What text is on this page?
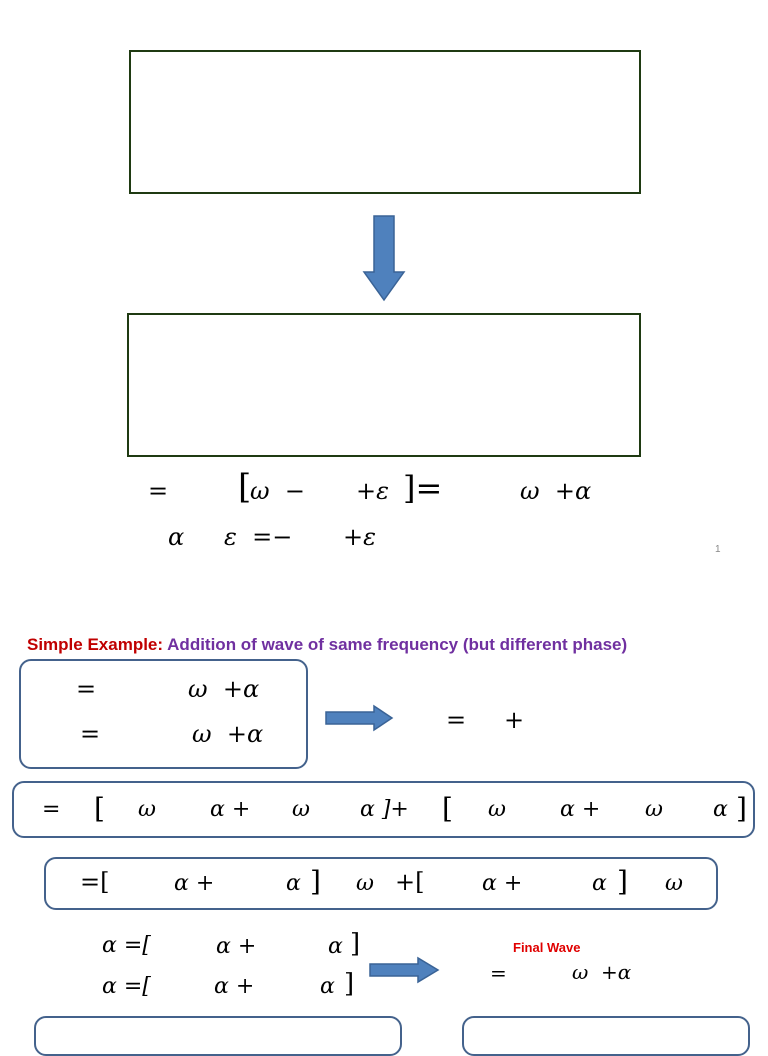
= [
ω  − +ε ]=	ω  +α
α ε  =− +ε	1
Simple Example: Addition of wave of same frequency (but different phase)
=	ω  +α
=	ω  +α	= +
= [ ω α + ω α ]+ [ ω α + ω α ]
=[	α +	α ] ω +[	α +	α ] ω
α =[	α +	α ]
α =[	α +	α ]
Final Wave
=	ω  +α
